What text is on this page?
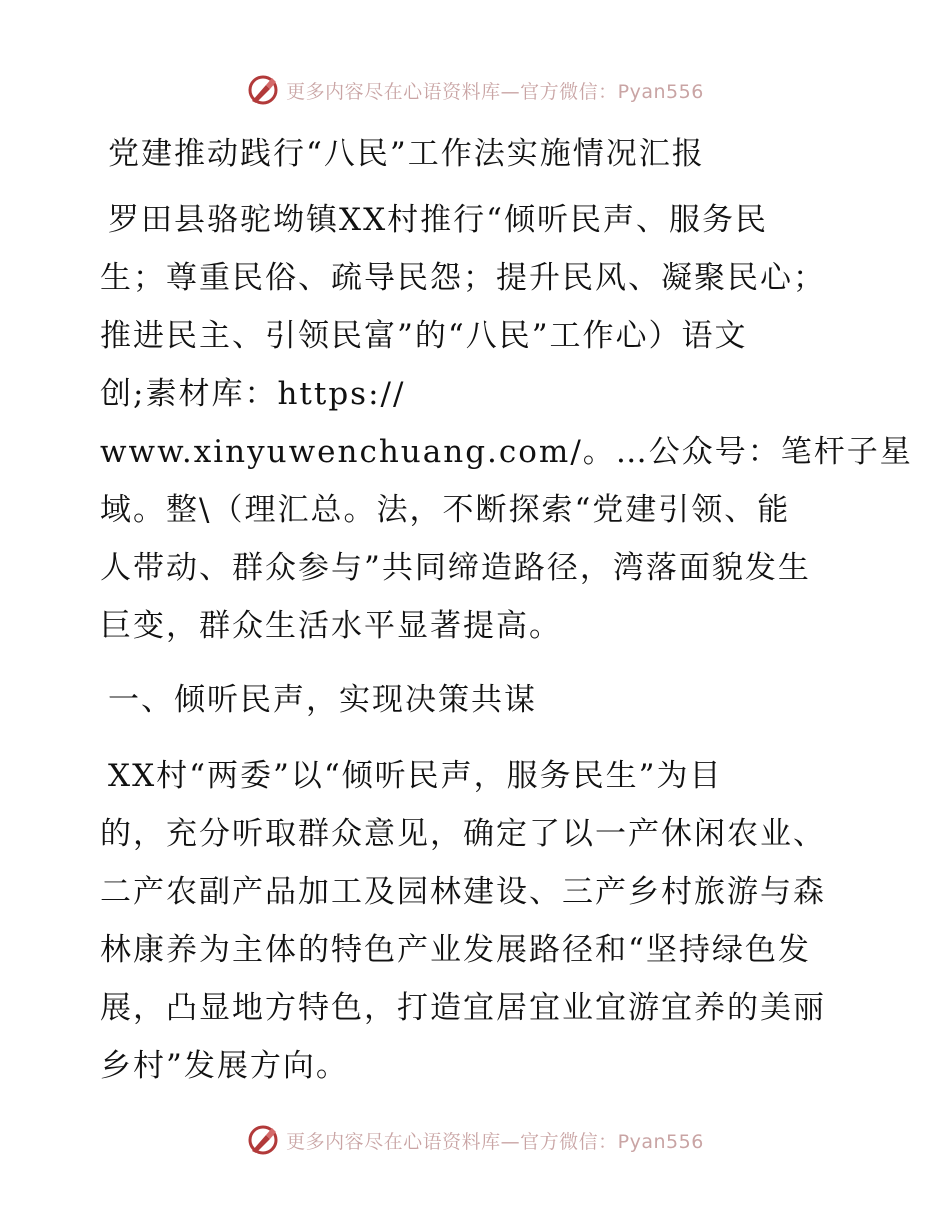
更多内容尽在心语资料库—官方微信：Pyan556
党建推动践行“八民”工作法实施情况汇报
罗田县骆驼坳镇XX村推行“倾听民声、服务民
生；尊重民俗、疏导民怨；提升民风、凝聚民心；
推进民主、引领民富”的“八民”工作心）语文
创;素材库：https://
www.xinyuwenchuang.com/。…公众号：笔杆子星
域。整\（理汇总。法，不断探索“党建引领、能
人带动、群众参与”共同缔造路径，湾落面貌发生
巨变，群众生活水平显著提高。
一、倾听民声，实现决策共谋
XX村“两委”以“倾听民声，服务民生”为目
的，充分听取群众意见，确定了以一产休闲农业、
二产农副产品加工及园林建设、三产乡村旅游与森
林康养为主体的特色产业发展路径和“坚持绿色发
展，凸显地方特色，打造宜居宜业宜游宜养的美丽
乡村”发展方向。
更多内容尽在心语资料库—官方微信：Pyan556
